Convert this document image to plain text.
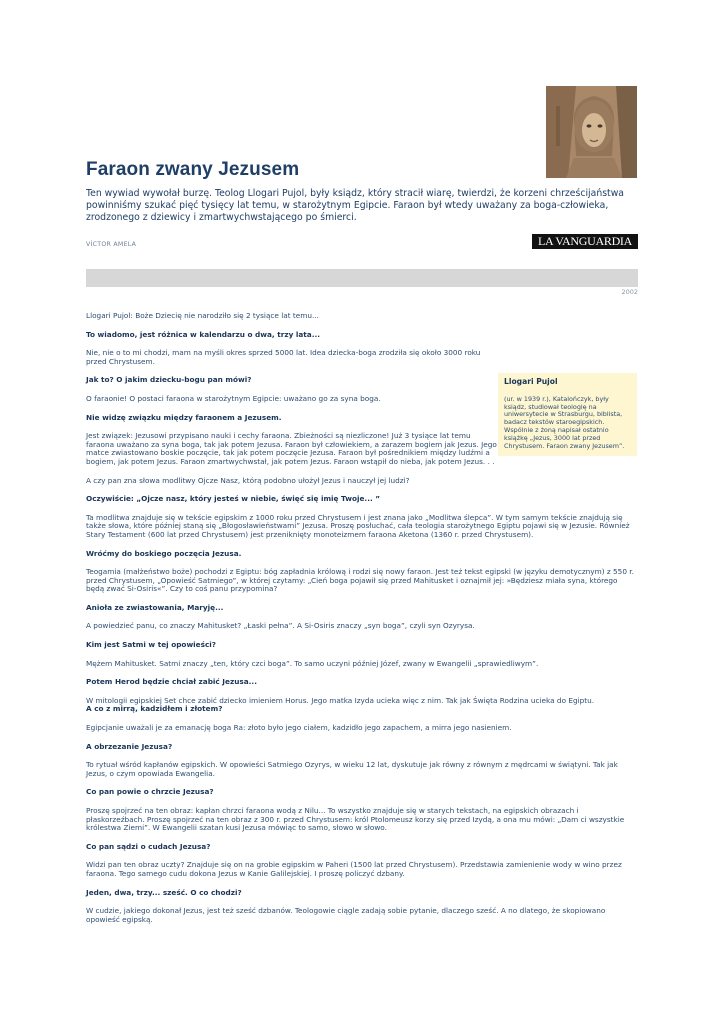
Faraon zwany Jezusem

Ten wywiad wywołał burzę. Teolog Llogari Pujol, były ksiądz, który stracił wiarę, twierdzi, że korzeni chrześcijaństwa powinniśmy szukać pięć tysięcy lat temu, w starożytnym Egipcie. Faraon był wtedy uważany za boga-człowieka, zrodzonego z dziewicy i zmartwychwstającego po śmierci.

VÍCTOR AMELA	LA VANGUARDIA
2002

Llogari Pujol: Boże Dziecię nie narodziło się 2 tysiące lat temu...

To wiadomo, jest różnica w kalendarzu o dwa, trzy lata...

Nie, nie o to mi chodzi, mam na myśli okres sprzed 5000 lat. Idea dziecka-boga zrodziła się około 3000 roku przed Chrystusem.

Jak to? O jakim dziecku-bogu pan mówi?

O faraonie! O postaci faraona w starożytnym Egipcie: uważano go za syna boga.

Nie widzę związku między faraonem a Jezusem.

Jest związek: Jezusowi przypisano nauki i cechy faraona. Zbieżności są niezliczone! Już 3 tysiące lat temu faraona uważano za syna boga, tak jak potem Jezusa. Faraon był człowiekiem, a zarazem bogiem jak Jezus. Jego matce zwiastowano boskie poczęcie, tak jak potem poczęcie Jezusa. Faraon był pośrednikiem między ludźmi a bogiem, jak potem Jezus. Faraon zmartwychwstał, jak potem Jezus. Faraon wstąpił do nieba, jak potem Jezus. . .

A czy pan zna słowa modlitwy Ojcze Nasz, którą podobno ułożył Jezus i nauczył jej ludzi?

Oczywiście: „Ojcze nasz, który jesteś w niebie, święć się imię Twoje... ”

Ta modlitwa znajduje się w tekście egipskim z 1000 roku przed Chrystusem i jest znana jako „Modlitwa ślepca”. W tym samym tekście znajdują się także słowa, które później staną się „Błogosławieństwami” Jezusa. Proszę posłuchać, cała teologia starożytnego Egiptu pojawi się w Jezusie. Również Stary Testament (600 lat przed Chrystusem) jest przeniknięty monoteizmem faraona Aketona (1360 r. przed Chrystusem).

Wróćmy do boskiego poczęcia Jezusa.

Teogamia (małżeństwo boże) pochodzi z Egiptu: bóg zapładnia królową i rodzi się nowy faraon. Jest też tekst egipski (w języku demotycznym) z 550 r. przed Chrystusem, „Opowieść Satmiego”, w której czytamy: „Cień boga pojawił się przed Mahitusket i oznajmił jej: »Będziesz miała syna, którego będą zwać Si-Osiris«”. Czy to coś panu przypomina?

Anioła ze zwiastowania, Maryję...

A powiedzieć panu, co znaczy Mahitusket? „Łaski pełna”. A Si-Osiris znaczy „syn boga”, czyli syn Ozyrysa.

Kim jest Satmi w tej opowieści?

Mężem Mahitusket. Satmi znaczy „ten, który czci boga”. To samo uczyni później Józef, zwany w Ewangelii „sprawiedliwym”.

Potem Herod będzie chciał zabić Jezusa...

W mitologii egipskiej Set chce zabić dziecko imieniem Horus. Jego matka Izyda ucieka więc z nim. Tak jak Święta Rodzina ucieka do Egiptu.

A co z mirrą, kadzidłem i złotem?

Egipcjanie uważali je za emanację boga Ra: złoto było jego ciałem, kadzidło jego zapachem, a mirra jego nasieniem.

A obrzezanie Jezusa?

To rytuał wśród kapłanów egipskich. W opowieści Satmiego Ozyrys, w wieku 12 lat, dyskutuje jak równy z równym z mędrcami w świątyni. Tak jak Jezus, o czym opowiada Ewangelia.

Co pan powie o chrzcie Jezusa?

Proszę spojrzeć na ten obraz: kapłan chrzci faraona wodą z Nilu... To wszystko znajduje się w starych tekstach, na egipskich obrazach i płaskorzeźbach. Proszę spojrzeć na ten obraz z 300 r. przed Chrystusem: król Ptolomeusz korzy się przed Izydą, a ona mu mówi: „Dam ci wszystkie królestwa Ziemi”. W Ewangelii szatan kusi Jezusa mówiąc to samo, słowo w słowo.

Co pan sądzi o cudach Jezusa?

Widzi pan ten obraz uczty? Znajduje się on na grobie egipskim w Paheri (1500 lat przed Chrystusem). Przedstawia zamienienie wody w wino przez faraona. Tego samego cudu dokona Jezus w Kanie Galilejskiej. I proszę policzyć dzbany.

Jeden, dwa, trzy... sześć. O co chodzi?

W cudzie, jakiego dokonał Jezus, jest też sześć dzbanów. Teologowie ciągle zadają sobie pytanie, dlaczego sześć. A no dlatego, że skopiowano opowieść egipską.

Llogari Pujol
(ur. w 1939 r.), Katalończyk, były ksiądz, studiował teologię na uniwersytecie w Strasburgu, biblista, badacz tekstów staroegipskich. Wspólnie z żoną napisał ostatnio książkę „Jezus, 3000 lat przed Chrystusem. Faraon zwany Jezusem”.
